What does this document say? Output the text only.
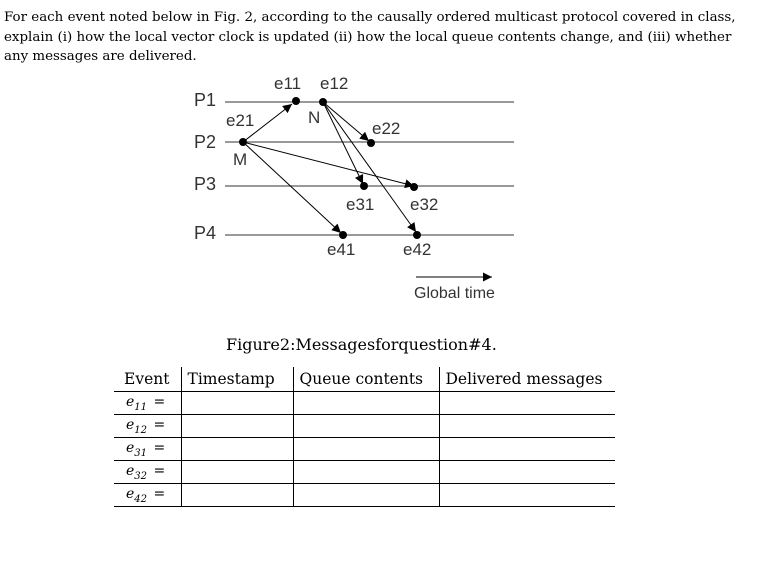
For each event noted below in Fig. 2, according to the causally ordered multicast protocol covered in class,
explain (i) how the local vector clock is updated (ii) how the local queue contents change, and (iii) whether
any messages are delivered.
P1
P2
P3
P4
e11 e12
e21	e22
e31 e32
e41	e42
N
M
Global time
Figure2:Messagesforquestion#4.
Event	Timestamp	Queue contents	Delivered messages
$e_{11}$ =			
$e_{12}$ =			
$e_{31}$ =			
$e_{32}$ =			
$e_{42}$ =			
